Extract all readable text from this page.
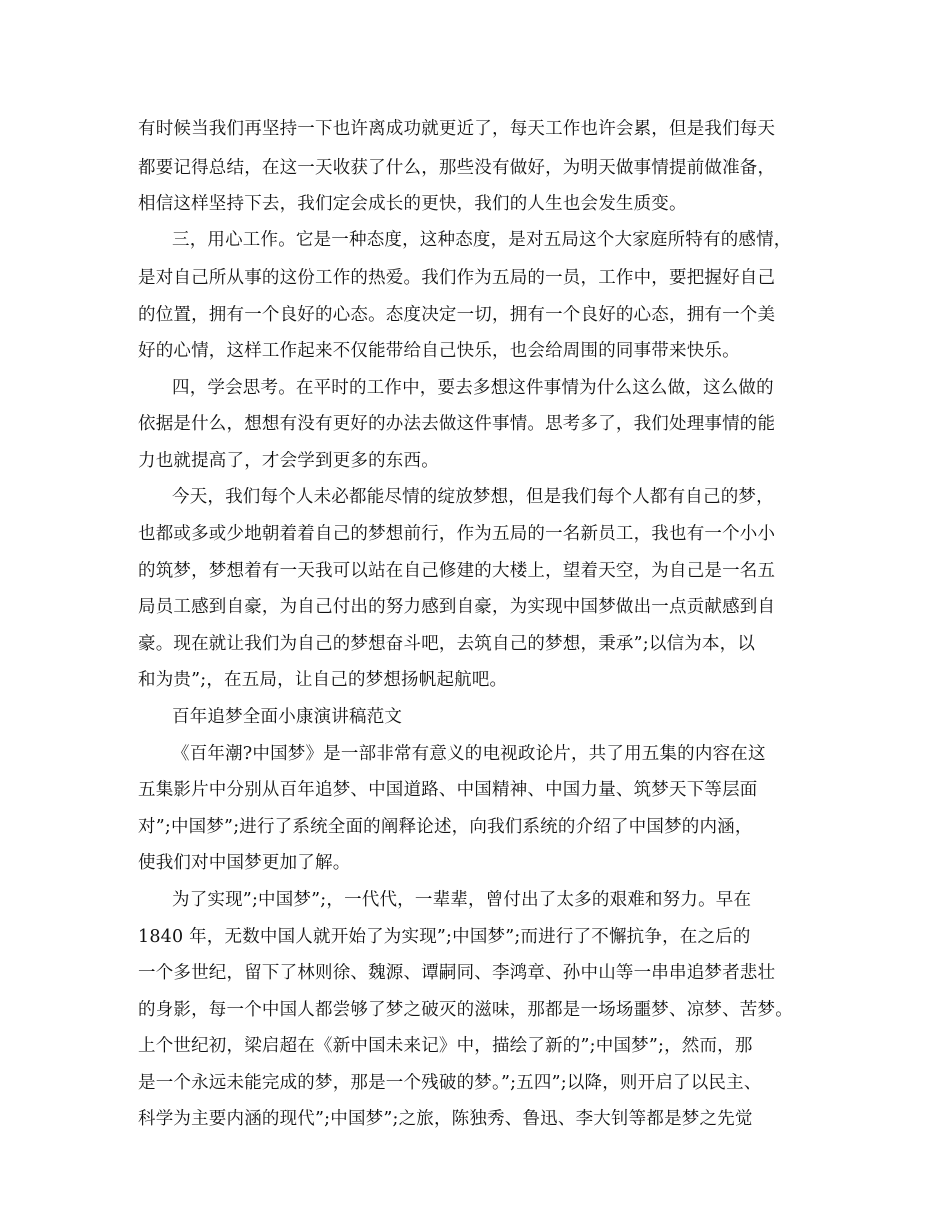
有时候当我们再坚持一下也许离成功就更近了，每天工作也许会累，但是我们每天
都要记得总结，在这一天收获了什么，那些没有做好，为明天做事情提前做准备，
相信这样坚持下去，我们定会成长的更快，我们的人生也会发生质变。
三，用心工作。它是一种态度，这种态度，是对五局这个大家庭所特有的感情，
是对自己所从事的这份工作的热爱。我们作为五局的一员，工作中，要把握好自己
的位置，拥有一个良好的心态。态度决定一切，拥有一个良好的心态，拥有一个美
好的心情，这样工作起来不仅能带给自己快乐，也会给周围的同事带来快乐。
四，学会思考。在平时的工作中，要去多想这件事情为什么这么做，这么做的
依据是什么，想想有没有更好的办法去做这件事情。思考多了，我们处理事情的能
力也就提高了，才会学到更多的东西。
今天，我们每个人未必都能尽情的绽放梦想，但是我们每个人都有自己的梦，
也都或多或少地朝着着自己的梦想前行，作为五局的一名新员工，我也有一个小小
的筑梦，梦想着有一天我可以站在自己修建的大楼上，望着天空，为自己是一名五
局员工感到自豪，为自己付出的努力感到自豪，为实现中国梦做出一点贡献感到自
豪。现在就让我们为自己的梦想奋斗吧，去筑自己的梦想，秉承”;以信为本，以
和为贵”;，在五局，让自己的梦想扬帆起航吧。
百年追梦全面小康演讲稿范文
《百年潮?中国梦》是一部非常有意义的电视政论片，共了用五集的内容在这
五集影片中分别从百年追梦、中国道路、中国精神、中国力量、筑梦天下等层面
对”;中国梦”;进行了系统全面的阐释论述，向我们系统的介绍了中国梦的内涵，
使我们对中国梦更加了解。
为了实现”;中国梦”;，一代代，一辈辈，曾付出了太多的艰难和努力。早在
1840 年，无数中国人就开始了为实现”;中国梦”;而进行了不懈抗争，在之后的
一个多世纪，留下了林则徐、魏源、谭嗣同、李鸿章、孙中山等一串串追梦者悲壮
的身影，每一个中国人都尝够了梦之破灭的滋味，那都是一场场噩梦、凉梦、苦梦。
上个世纪初，梁启超在《新中国未来记》中，描绘了新的”;中国梦”;，然而，那
是一个永远未能完成的梦，那是一个残破的梦。”;五四”;以降，则开启了以民主、
科学为主要内涵的现代”;中国梦”;之旅，陈独秀、鲁迅、李大钊等都是梦之先觉
